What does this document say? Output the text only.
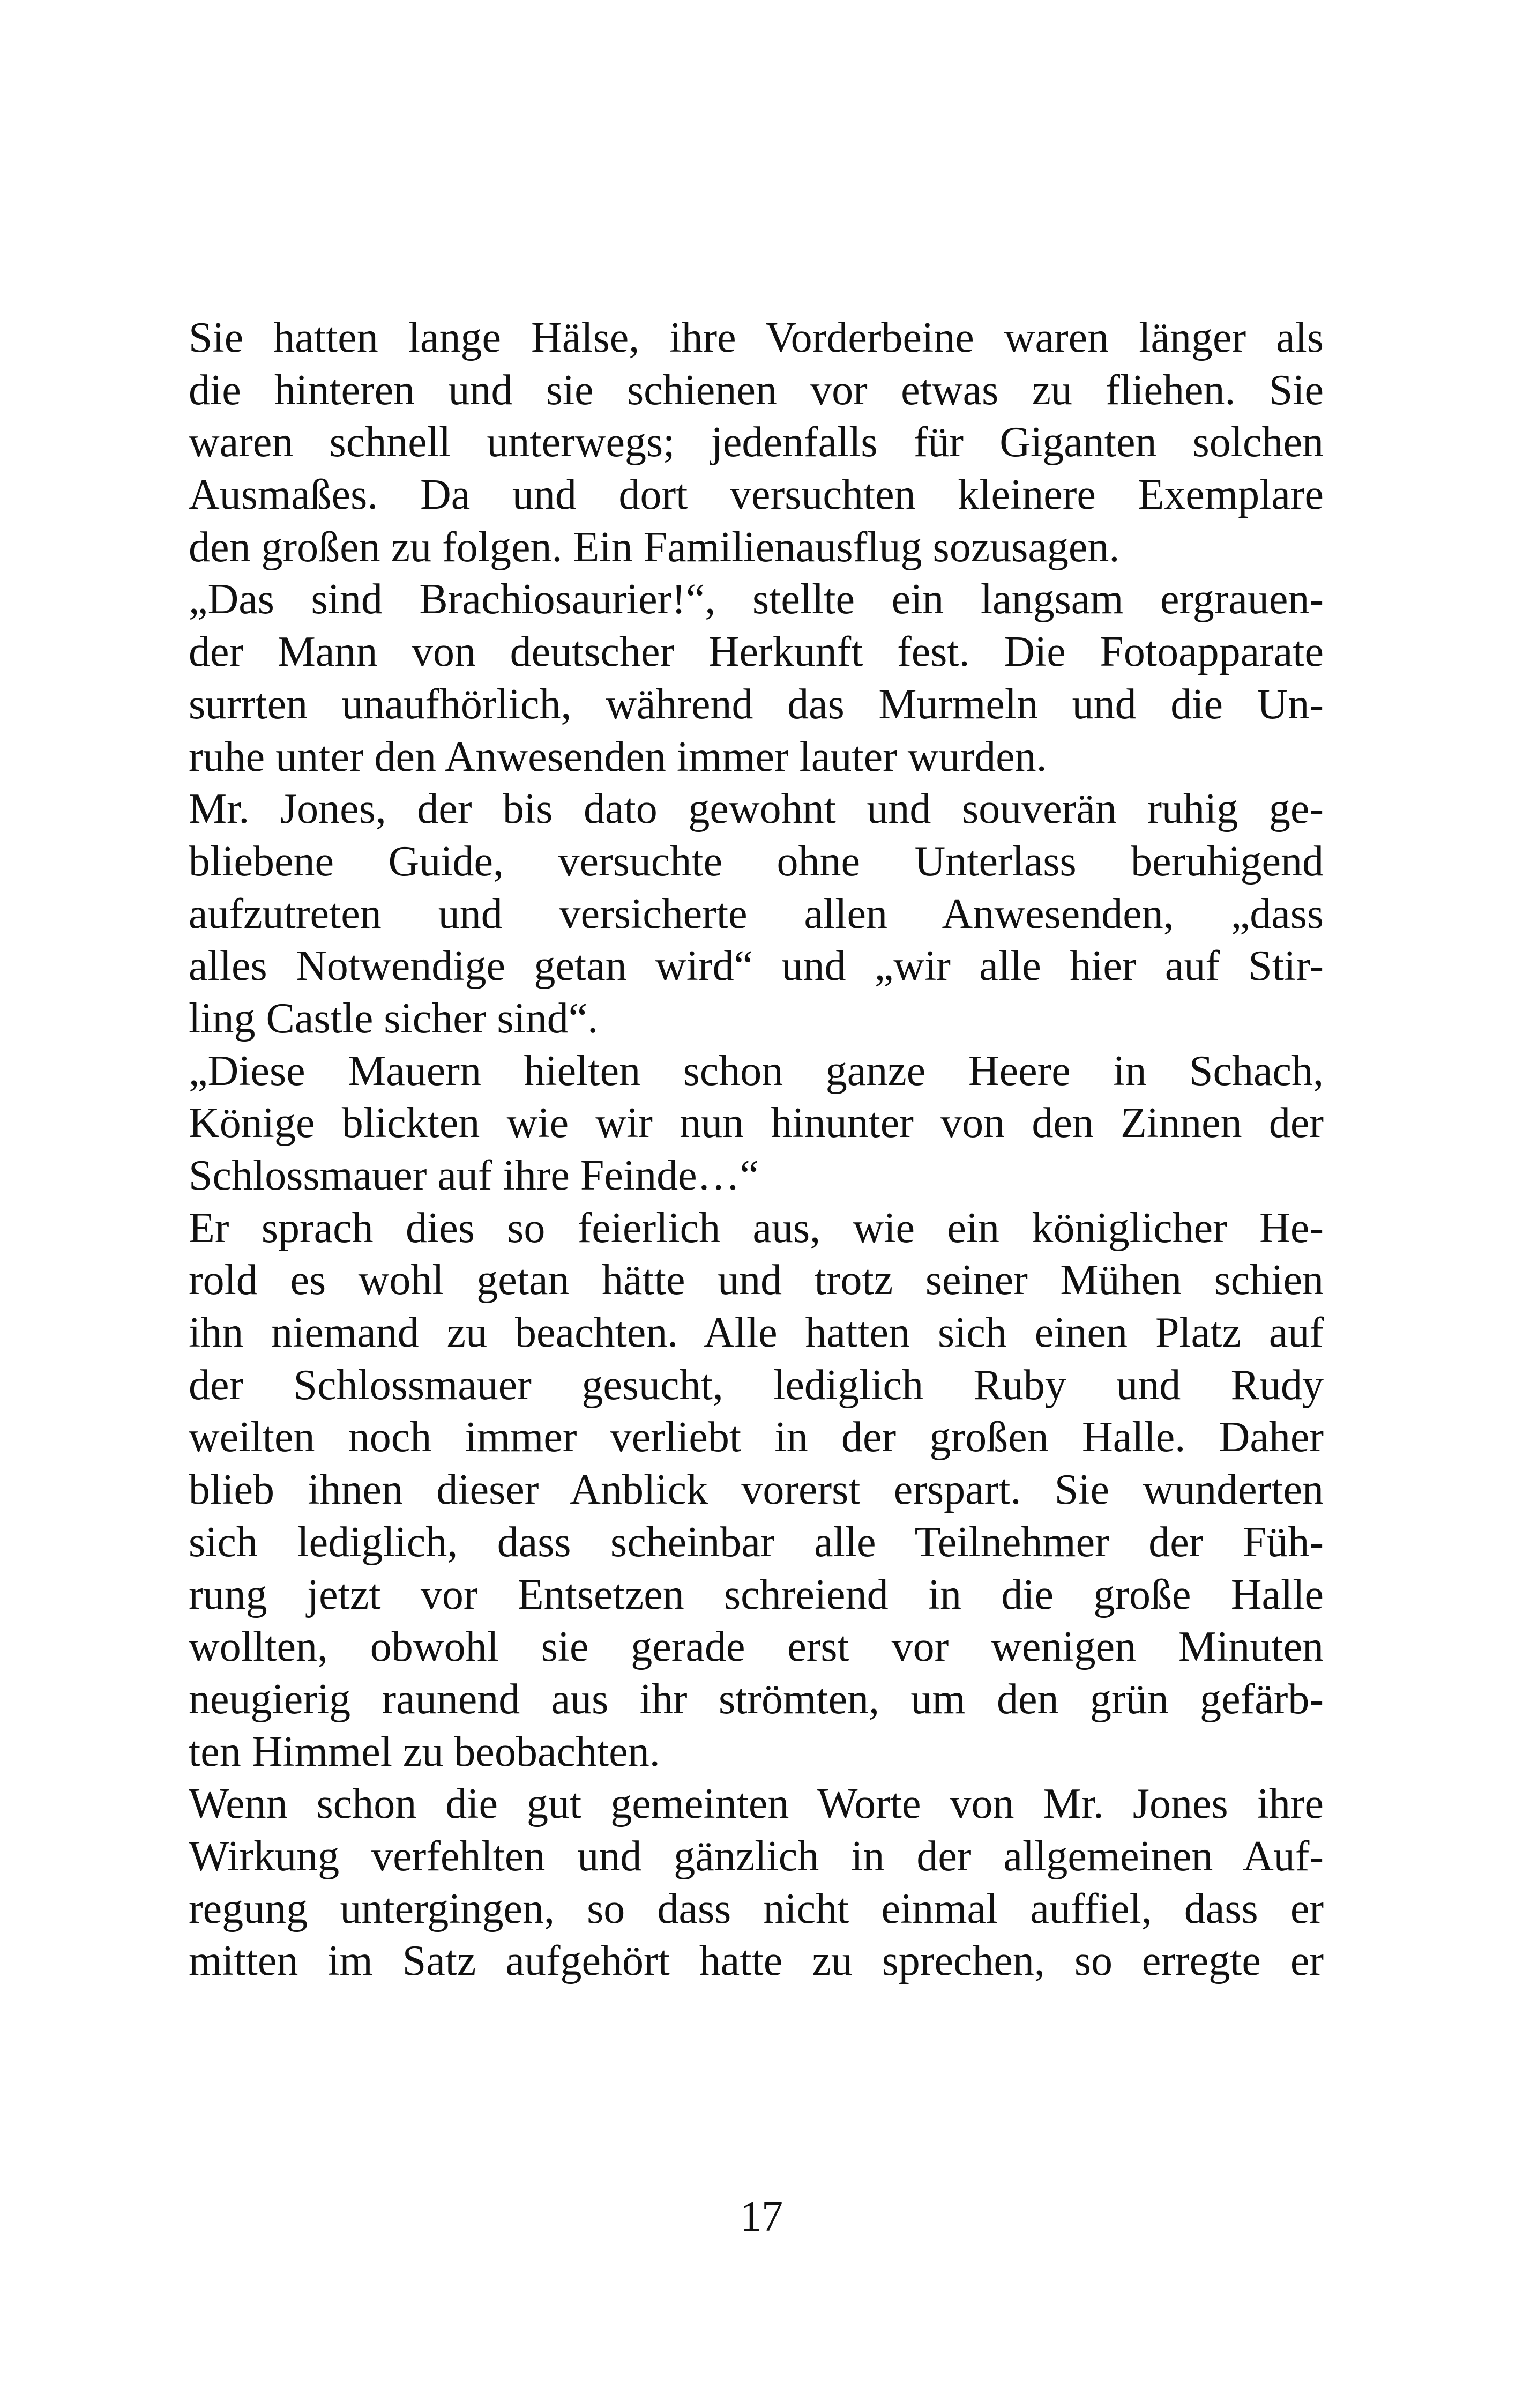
Sie hatten lange Hälse, ihre Vorderbeine waren länger als
die hinteren und sie schienen vor etwas zu fliehen. Sie
waren schnell unterwegs; jedenfalls für Giganten solchen
Ausmaßes. Da und dort versuchten kleinere Exemplare
den großen zu folgen. Ein Familienausflug sozusagen.
„Das sind Brachiosaurier!“, stellte ein langsam ergrauen-
der Mann von deutscher Herkunft fest. Die Fotoapparate
surrten unaufhörlich, während das Murmeln und die Un-
ruhe unter den Anwesenden immer lauter wurden.
Mr. Jones, der bis dato gewohnt und souverän ruhig ge-
bliebene Guide, versuchte ohne Unterlass beruhigend
aufzutreten und versicherte allen Anwesenden, „dass
alles Notwendige getan wird“ und „wir alle hier auf Stir-
ling Castle sicher sind“.
„Diese Mauern hielten schon ganze Heere in Schach,
Könige blickten wie wir nun hinunter von den Zinnen der
Schlossmauer auf ihre Feinde…“
Er sprach dies so feierlich aus, wie ein königlicher He-
rold es wohl getan hätte und trotz seiner Mühen schien
ihn niemand zu beachten. Alle hatten sich einen Platz auf
der Schlossmauer gesucht, lediglich Ruby und Rudy
weilten noch immer verliebt in der großen Halle. Daher
blieb ihnen dieser Anblick vorerst erspart. Sie wunderten
sich lediglich, dass scheinbar alle Teilnehmer der Füh-
rung jetzt vor Entsetzen schreiend in die große Halle
wollten, obwohl sie gerade erst vor wenigen Minuten
neugierig raunend aus ihr strömten, um den grün gefärb-
ten Himmel zu beobachten.
Wenn schon die gut gemeinten Worte von Mr. Jones ihre
Wirkung verfehlten und gänzlich in der allgemeinen Auf-
regung untergingen, so dass nicht einmal auffiel, dass er
mitten im Satz aufgehört hatte zu sprechen, so erregte er
17
